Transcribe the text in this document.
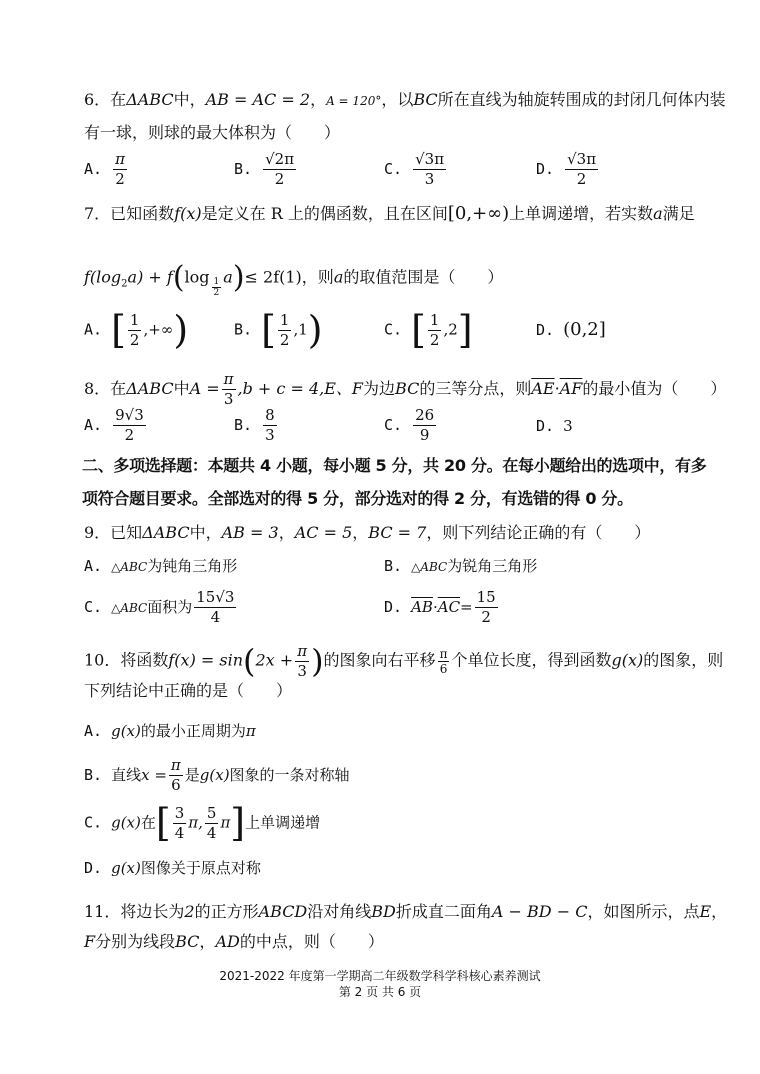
6．在ΔABC中，AB = AC = 2，A = 120°，以BC所在直线为轴旋转围成的封闭几何体内装
有一球，则球的最大体积为（　　）
A. $\frac{\pi}{2}$	B. $\frac{√2\pi}{2}$	C. $\frac{√3\pi}{3}$	D. $\frac{√3\pi}{2}$
7．已知函数f(x)是定义在 R 上的偶函数，且在区间[0,+∞)上单调递增，若实数a满足
$f(\log_2a) + f(\log \frac{1}{2} a)\le 2f(1)$，则a的取值范围是（　　）
A. [ $\frac{1}{2}$ ,+∞)	B. [ $\frac{1}{2} ,1$)	C. [ $\frac{1}{2} ,2$]	D. (0,2]
8．在ΔABC中$A = \frac{\pi}{3} ,b + c = 4,E$、F为边BC的三等分点，则$\overline{AE}\cdot\overline{AF}$的最小值为（　　）
A. $\frac{9√3}{2}$	B. $\frac{8}{3}$	C. $\frac{26}{9}$	D. 3
二、多项选择题：本题共 4 小题，每小题 5 分，共 20 分。在每小题给出的选项中，有多
项符合题目要求。全部选对的得 5 分，部分选对的得 2 分，有选错的得 0 分。
9．已知ΔABC中，AB = 3，AC = 5，BC = 7，则下列结论正确的有（　　）
A. △ABC为钝角三角形	B. △ABC为锐角三角形
C. △ABC面积为 $\frac{15√3}{4}$	D. $\overline{AB}\cdot\overline{AC}= \frac{15}{2}$
10．将函数$f(x) = \sin(2x + \frac{\pi}{3}$ )的图象向右平移 $\frac{\pi}{6}$ 个单位长度，得到函数g(x)的图象，则
下列结论中正确的是（　　）
A. g(x)的最小正周期为π
B. 直线$x = \frac{\pi}{6}$ 是g(x)图象的一条对称轴
C. g(x)在[ $\frac{3}{4} \pi$, $\frac{5}{4} \pi$]上单调递增
D. g(x)图像关于原点对称
11．将边长为2的正方形ABCD沿对角线BD折成直二面角A − BD − C，如图所示，点E，
F分别为线段BC，AD的中点，则（　　）
2021-2022 年度第一学期高二年级数学科学科核心素养测试
第 2 页 共 6 页
